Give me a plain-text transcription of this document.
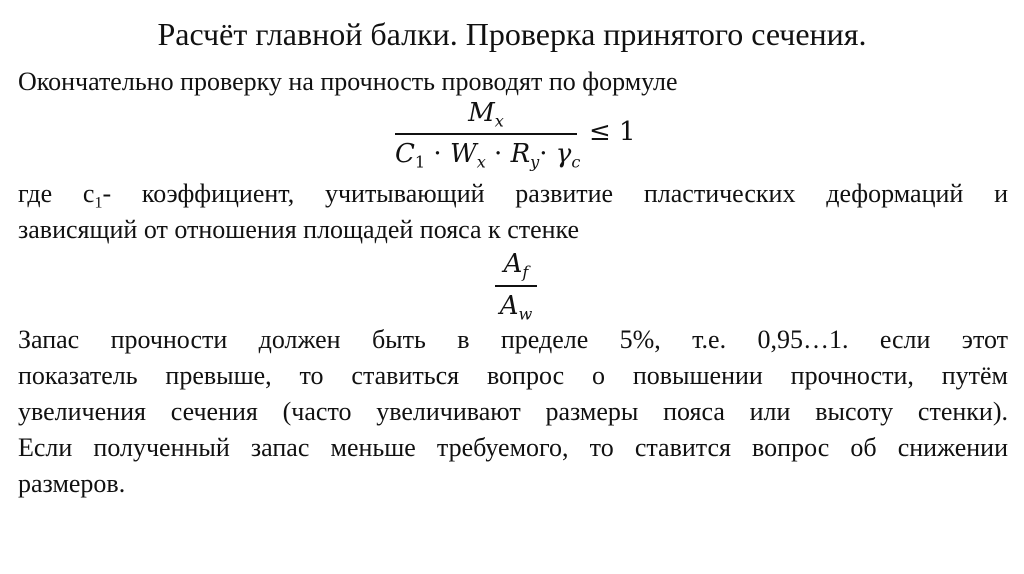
Расчёт главной балки. Проверка принятого сечения.
Окончательно проверку на прочность проводят по формуле
$M_x$
$C_1 \cdot W_x \cdot R_y\cdot \gamma_c$
≤ 1
где $с_1-$ коэффициент, учитывающий развитие пластических деформаций и
зависящий от отношения площадей пояса к стенке
$A_f$
$A_w$
Запас прочности должен быть в пределе 5%, т.е. 0,95…1. если этот
показатель превыше, то ставиться вопрос о повышении прочности, путём
увеличения сечения (часто увеличивают размеры пояса или высоту стенки).
Если полученный запас меньше требуемого, то ставится вопрос об снижении
размеров.
